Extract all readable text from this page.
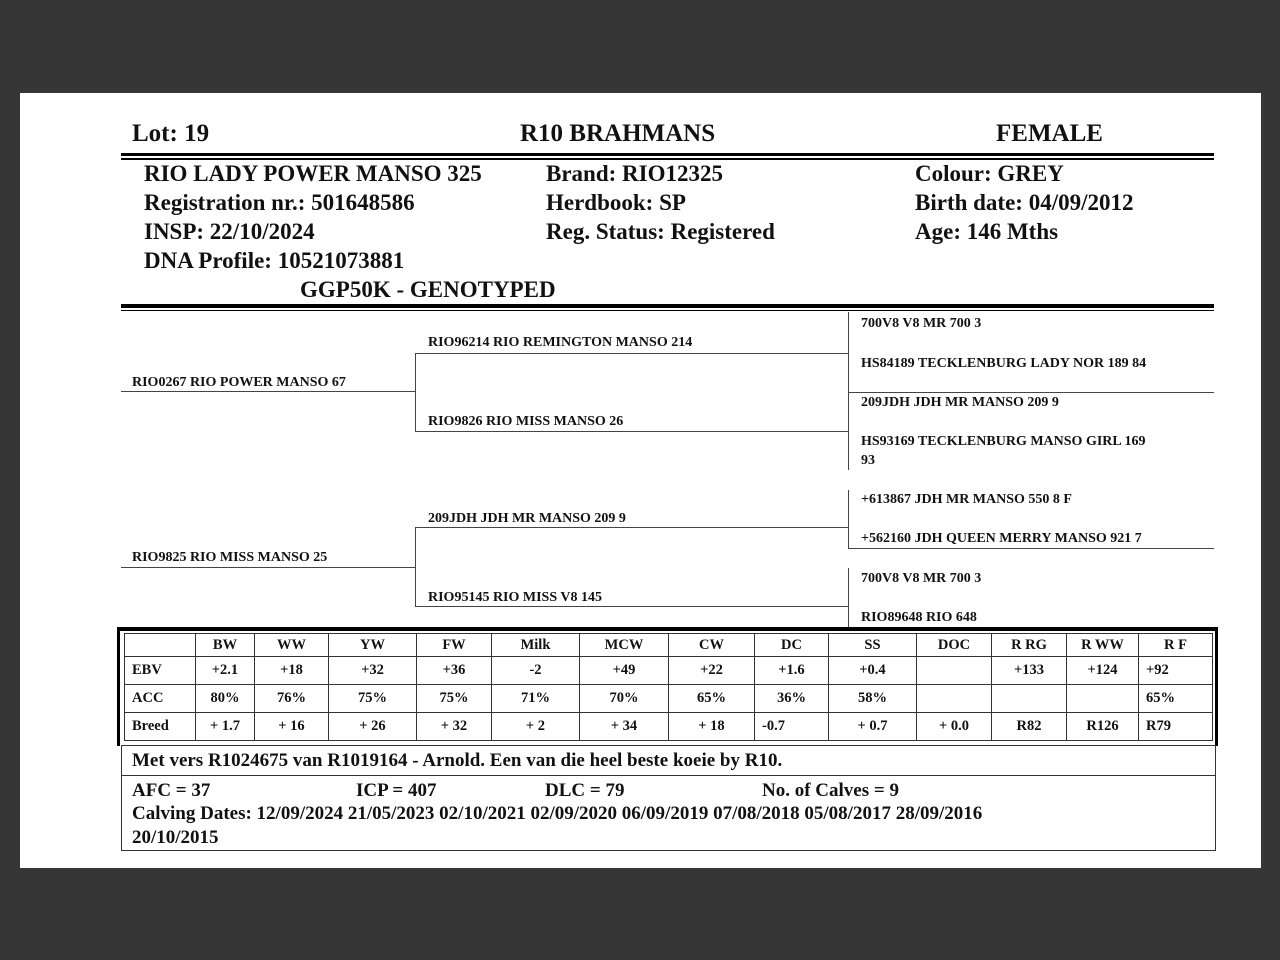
Lot: 19	R10 BRAHMANS	FEMALE
RIO LADY POWER MANSO 325
Registration nr.: 501648586
INSP: 22/10/2024
DNA Profile: 10521073881
GGP50K - GENOTYPED
Brand: RIO12325
Herdbook: SP
Reg. Status: Registered
Colour: GREY
Birth date: 04/09/2012
Age: 146 Mths
RIO0267 RIO POWER MANSO 67
RIO9825 RIO MISS MANSO 25
RIO96214 RIO REMINGTON MANSO 214
RIO9826 RIO MISS MANSO 26
209JDH JDH MR MANSO 209 9
RIO95145 RIO MISS V8 145
700V8 V8 MR 700 3
HS84189 TECKLENBURG LADY NOR 189 84
209JDH JDH MR MANSO 209 9
HS93169 TECKLENBURG MANSO GIRL 169
93
+613867 JDH MR MANSO 550 8 F
+562160 JDH QUEEN MERRY MANSO 921 7
700V8 V8 MR 700 3
RIO89648 RIO 648
	BW	WW	YW	FW	Milk	MCW	CW	DC	SS	DOC	R RG	R WW	R F
EBV	+2.1	+18	+32	+36	-2	+49	+22	+1.6	+0.4		+133	+124	+92
ACC	80%	76%	75%	75%	71%	70%	65%	36%	58%				65%
Breed	+ 1.7	+ 16	+ 26	+ 32	+ 2	+ 34	+ 18	-0.7	+ 0.7	+ 0.0	R82	R126	R79
Met vers R1024675 van R1019164 - Arnold. Een van die heel beste koeie by R10.
AFC = 37	ICP = 407	DLC = 79	No. of Calves = 9
Calving Dates: 12/09/2024 21/05/2023 02/10/2021 02/09/2020 06/09/2019 07/08/2018 05/08/2017 28/09/2016
20/10/2015
